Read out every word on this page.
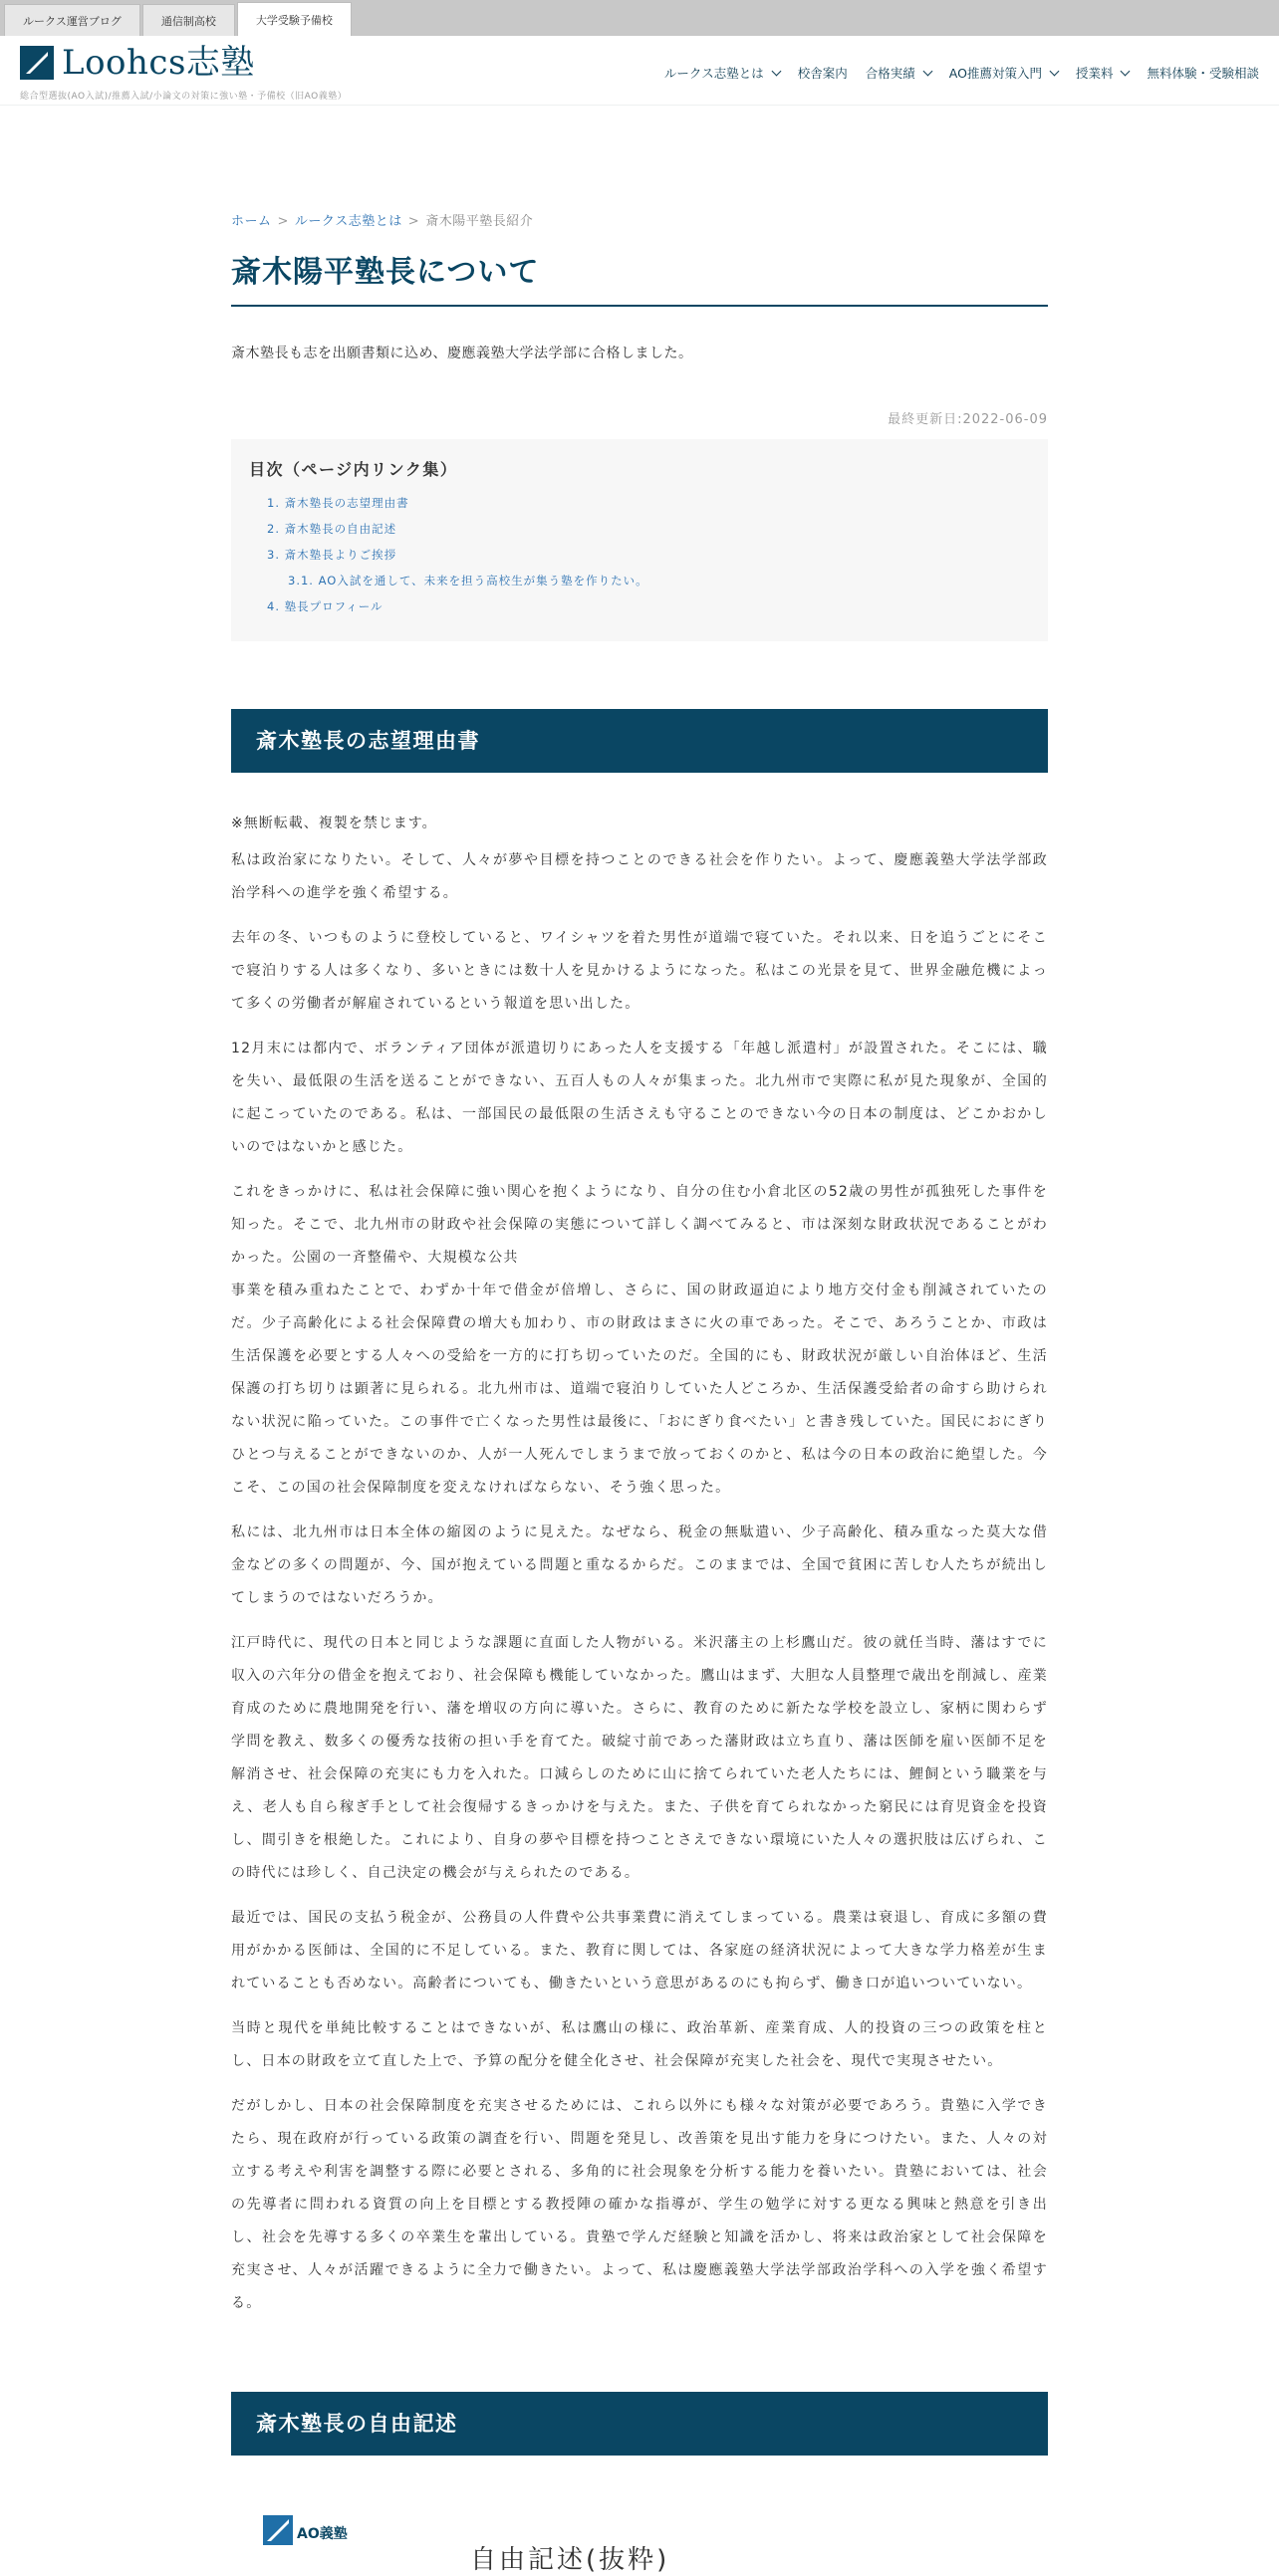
ルークス運営ブログ	通信制高校	大学受験予備校
Loohcs志塾
総合型選抜(AO入試)/推薦入試/小論文の対策に強い塾・予備校（旧AO義塾）
ルークス志塾とは	校舎案内 合格実績	AO推薦対策入門	授業料	無料体験・受験相談
ホーム > ルークス志塾とは > 斎木陽平塾長紹介
斎木陽平塾長について

斎木塾長も志を出願書類に込め、慶應義塾大学法学部に合格しました。

最終更新日:2022-06-09
目次（ページ内リンク集）
1. 斎木塾長の志望理由書
2. 斎木塾長の自由記述
3. 斎木塾長よりご挨拶
3.1. AO入試を通して、未来を担う高校生が集う塾を作りたい。
4. 塾長プロフィール
斎木塾長の志望理由書

※無断転載、複製を禁じます。

私は政治家になりたい。そして、人々が夢や目標を持つことのできる社会を作りたい。よって、慶應義塾大学法学部政治学科への進学を強く希望する。

去年の冬、いつものように登校していると、ワイシャツを着た男性が道端で寝ていた。それ以来、日を追うごとにそこで寝泊りする人は多くなり、多いときには数十人を見かけるようになった。私はこの光景を見て、世界金融危機によって多くの労働者が解雇されているという報道を思い出した。

12月末には都内で、ボランティア団体が派遣切りにあった人を支援する「年越し派遣村」が設置された。そこには、職を失い、最低限の生活を送ることができない、五百人もの人々が集まった。北九州市で実際に私が見た現象が、全国的に起こっていたのである。私は、一部国民の最低限の生活さえも守ることのできない今の日本の制度は、どこかおかしいのではないかと感じた。

これをきっかけに、私は社会保障に強い関心を抱くようになり、自分の住む小倉北区の52歳の男性が孤独死した事件を知った。そこで、北九州市の財政や社会保障の実態について詳しく調べてみると、市は深刻な財政状況であることがわかった。公園の一斉整備や、大規模な公共

事業を積み重ねたことで、わずか十年で借金が倍増し、さらに、国の財政逼迫により地方交付金も削減されていたのだ。少子高齢化による社会保障費の増大も加わり、市の財政はまさに火の車であった。そこで、あろうことか、市政は生活保護を必要とする人々への受給を一方的に打ち切っていたのだ。全国的にも、財政状況が厳しい自治体ほど、生活保護の打ち切りは顕著に見られる。北九州市は、道端で寝泊りしていた人どころか、生活保護受給者の命すら助けられない状況に陥っていた。この事件で亡くなった男性は最後に、「おにぎり食べたい」と書き残していた。国民におにぎりひとつ与えることができないのか、人が一人死んでしまうまで放っておくのかと、私は今の日本の政治に絶望した。今こそ、この国の社会保障制度を変えなければならない、そう強く思った。

私には、北九州市は日本全体の縮図のように見えた。なぜなら、税金の無駄遣い、少子高齢化、積み重なった莫大な借金などの多くの問題が、今、国が抱えている問題と重なるからだ。このままでは、全国で貧困に苦しむ人たちが続出してしまうのではないだろうか。

江戸時代に、現代の日本と同じような課題に直面した人物がいる。米沢藩主の上杉鷹山だ。彼の就任当時、藩はすでに収入の六年分の借金を抱えており、社会保障も機能していなかった。鷹山はまず、大胆な人員整理で歳出を削減し、産業育成のために農地開発を行い、藩を増収の方向に導いた。さらに、教育のために新たな学校を設立し、家柄に関わらず学問を教え、数多くの優秀な技術の担い手を育てた。破綻寸前であった藩財政は立ち直り、藩は医師を雇い医師不足を解消させ、社会保障の充実にも力を入れた。口減らしのために山に捨てられていた老人たちには、鯉飼という職業を与え、老人も自ら稼ぎ手として社会復帰するきっかけを与えた。また、子供を育てられなかった窮民には育児資金を投資し、間引きを根絶した。これにより、自身の夢や目標を持つことさえできない環境にいた人々の選択肢は広げられ、この時代には珍しく、自己決定の機会が与えられたのである。

最近では、国民の支払う税金が、公務員の人件費や公共事業費に消えてしまっている。農業は衰退し、育成に多額の費用がかかる医師は、全国的に不足している。また、教育に関しては、各家庭の経済状況によって大きな学力格差が生まれていることも否めない。高齢者についても、働きたいという意思があるのにも拘らず、働き口が追いついていない。

当時と現代を単純比較することはできないが、私は鷹山の様に、政治革新、産業育成、人的投資の三つの政策を柱とし、日本の財政を立て直した上で、予算の配分を健全化させ、社会保障が充実した社会を、現代で実現させたい。

だがしかし、日本の社会保障制度を充実させるためには、これら以外にも様々な対策が必要であろう。貴塾に入学できたら、現在政府が行っている政策の調査を行い、問題を発見し、改善策を見出す能力を身につけたい。また、人々の対立する考えや利害を調整する際に必要とされる、多角的に社会現象を分析する能力を養いたい。貴塾においては、社会の先導者に問われる資質の向上を目標とする教授陣の確かな指導が、学生の勉学に対する更なる興味と熱意を引き出し、社会を先導する多くの卒業生を輩出している。貴塾で学んだ経験と知識を活かし、将来は政治家として社会保障を充実させ、人々が活躍できるように全力で働きたい。よって、私は慶應義塾大学法学部政治学科への入学を強く希望する。

斎木塾長の自由記述
AO義塾
自由記述(抜粋)
